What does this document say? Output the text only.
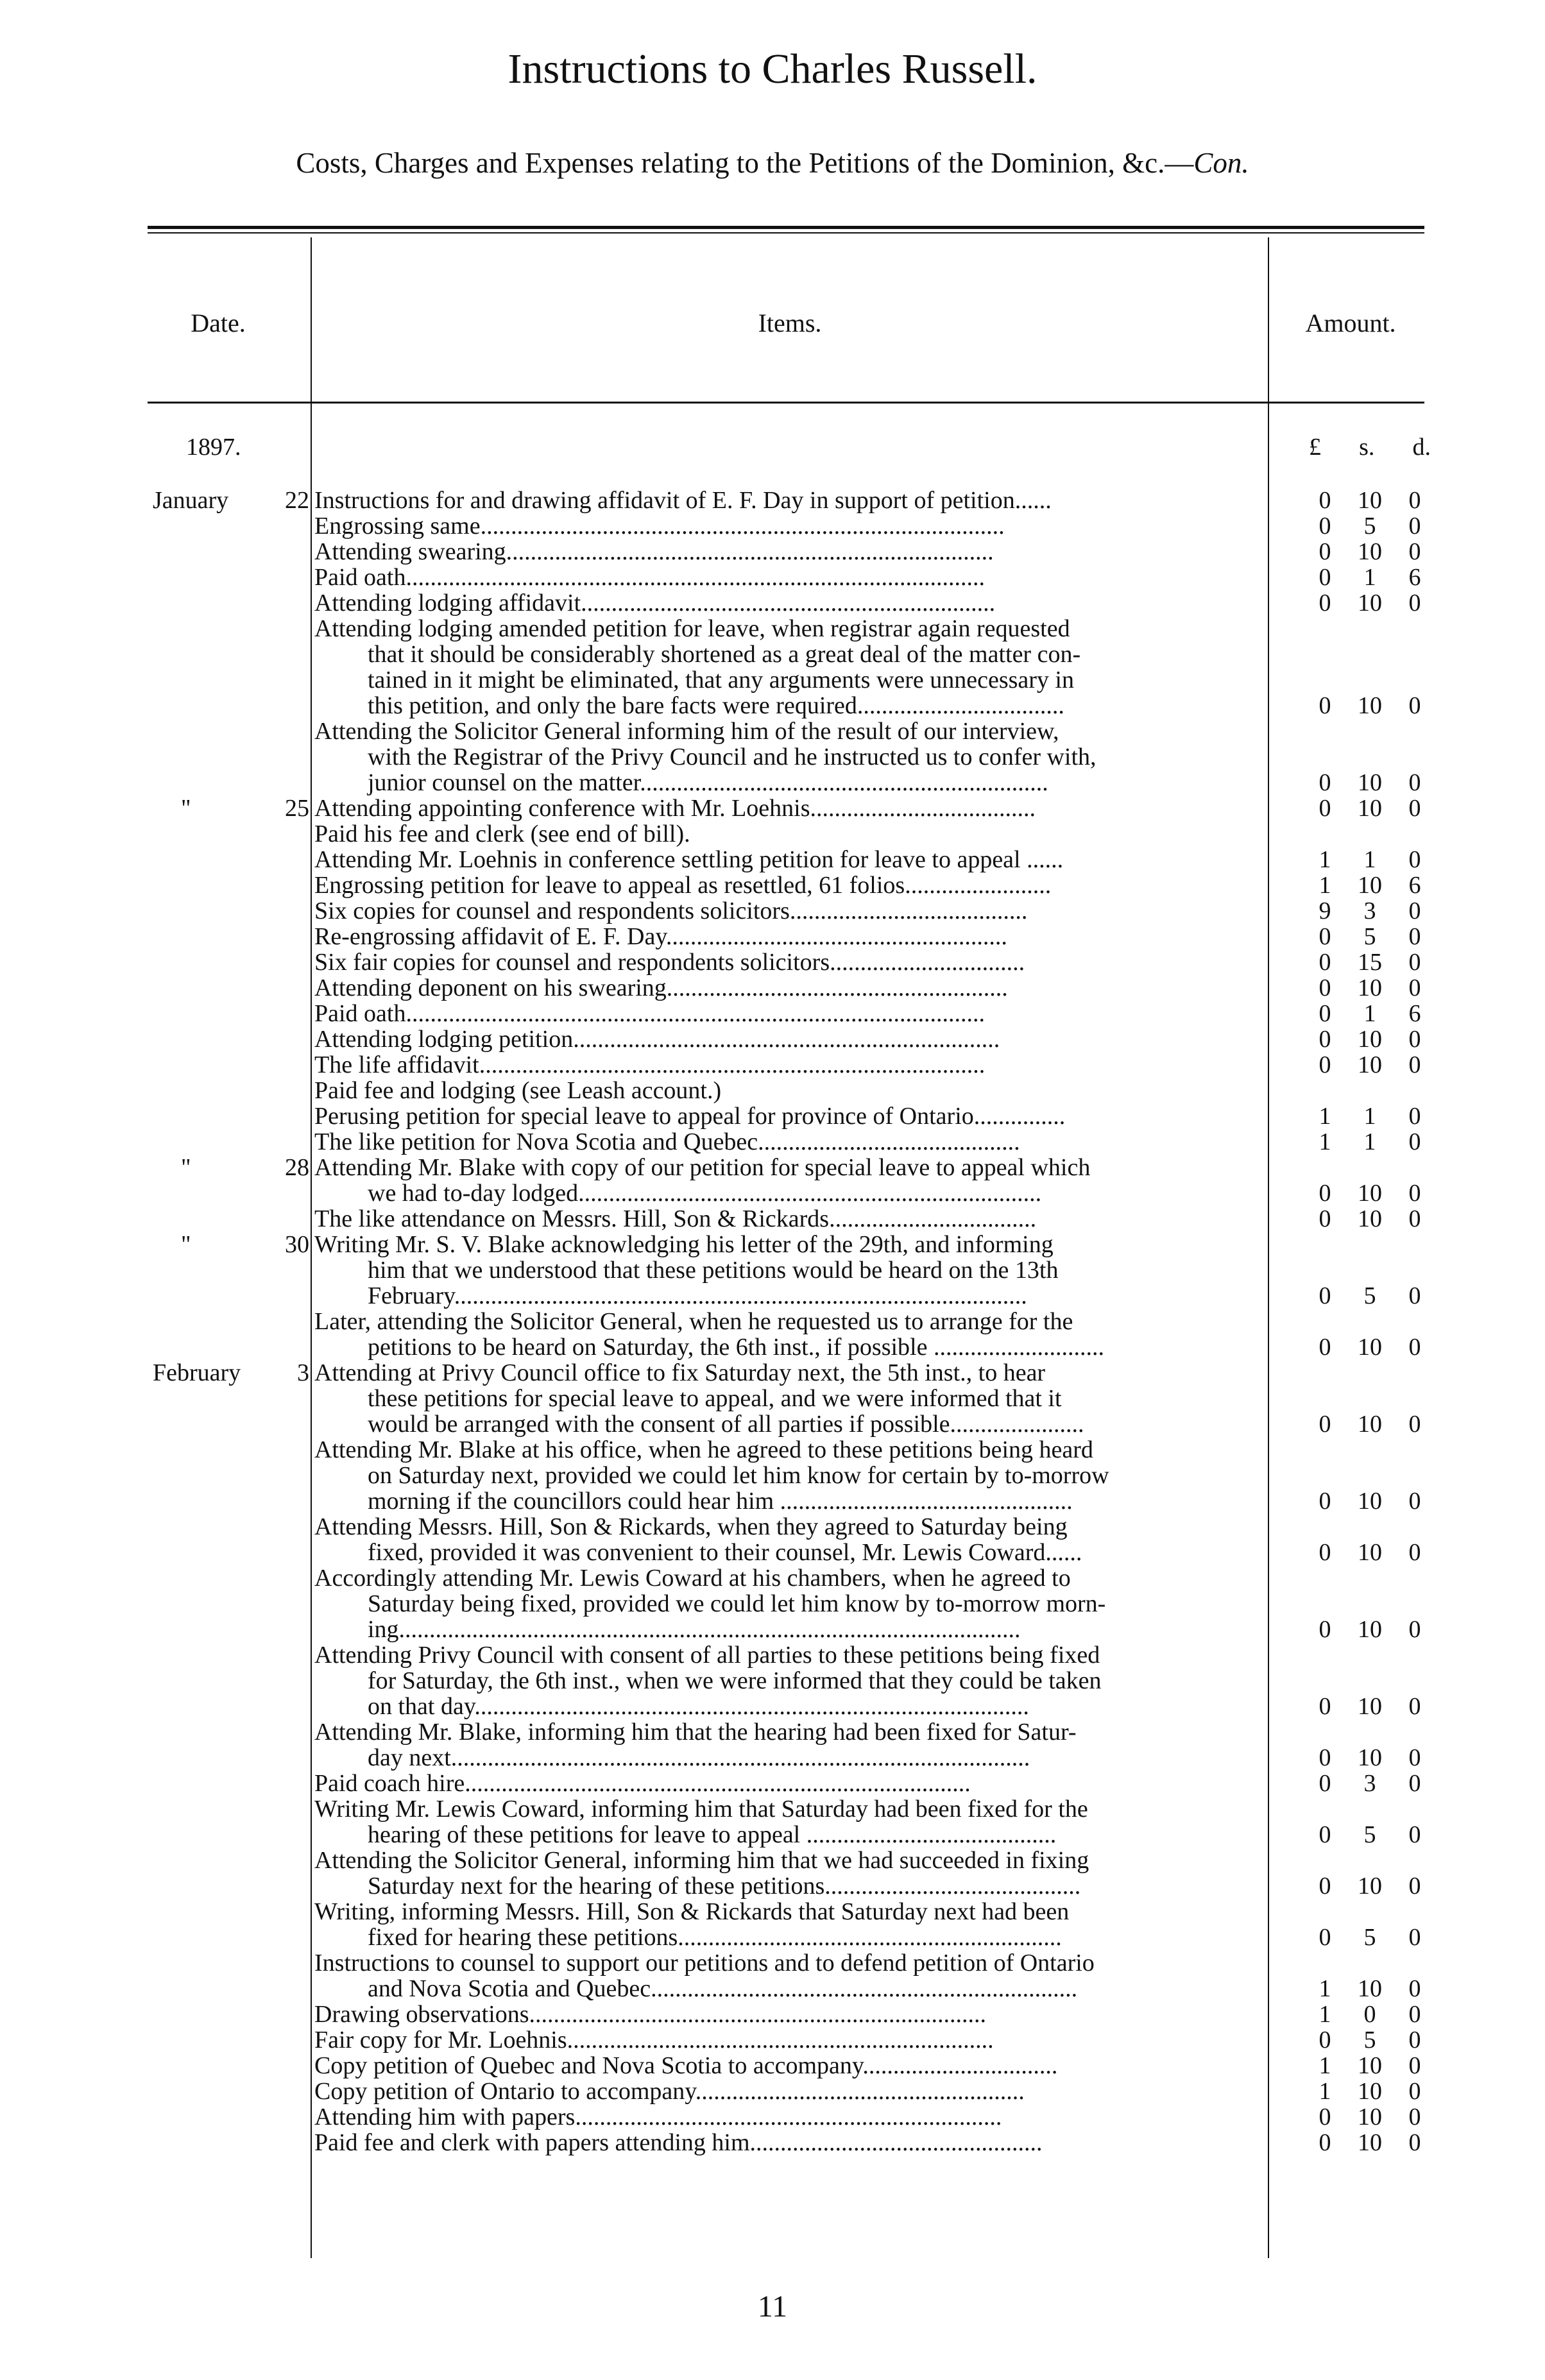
Instructions to Charles Russell.
Costs, Charges and Expenses relating to the Petitions of the Dominion, &c.—Con.
Date.	Items.	Amount.
1897.	£ s. d.
January	22 Instructions for and drawing affidavit of E. F. Day in support of petition......	0	10	0
Engrossing same......................................................................................	0	5	0
Attending swearing................................................................................	0	10	0
Paid oath...............................................................................................	0	1	6
Attending lodging affidavit....................................................................	0	10	0
Attending lodging amended petition for leave, when registrar again requested
that it should be considerably shortened as a great deal of the matter con-
tained in it might be eliminated, that any arguments were unnecessary in
this petition, and only the bare facts were required..................................	0	10	0
Attending the Solicitor General informing him of the result of our interview,
with the Registrar of the Privy Council and he instructed us to confer with,
junior counsel on the matter...................................................................	0	10	0
"	25 Attending appointing conference with Mr. Loehnis.....................................	0	10	0
Paid his fee and clerk (see end of bill).
Attending Mr. Loehnis in conference settling petition for leave to appeal ......	1	1	0
Engrossing petition for leave to appeal as resettled, 61 folios........................	1	10	6
Six copies for counsel and respondents solicitors.......................................	9	3	0
Re-engrossing affidavit of E. F. Day........................................................	0	5	0
Six fair copies for counsel and respondents solicitors................................	0	15	0
Attending deponent on his swearing........................................................	0	10	0
Paid oath...............................................................................................	0	1	6
Attending lodging petition......................................................................	0	10	0
The life affidavit...................................................................................	0	10	0
Paid fee and lodging (see Leash account.)
Perusing petition for special leave to appeal for province of Ontario...............	1	1	0
The like petition for Nova Scotia and Quebec...........................................	1	1	0
"	28 Attending Mr. Blake with copy of our petition for special leave to appeal which
we had to-day lodged............................................................................	0	10	0
The like attendance on Messrs. Hill, Son & Rickards..................................	0	10	0
"	30 Writing Mr. S. V. Blake acknowledging his letter of the 29th, and informing
him that we understood that these petitions would be heard on the 13th
February..............................................................................................	0	5	0
Later, attending the Solicitor General, when he requested us to arrange for the
petitions to be heard on Saturday, the 6th inst., if possible ............................	0	10	0
February	3 Attending at Privy Council office to fix Saturday next, the 5th inst., to hear
these petitions for special leave to appeal, and we were informed that it
would be arranged with the consent of all parties if possible......................	0	10	0
Attending Mr. Blake at his office, when he agreed to these petitions being heard
on Saturday next, provided we could let him know for certain by to-morrow
morning if the councillors could hear him ................................................	0	10	0
Attending Messrs. Hill, Son & Rickards, when they agreed to Saturday being
fixed, provided it was convenient to their counsel, Mr. Lewis Coward......	0	10	0
Accordingly attending Mr. Lewis Coward at his chambers, when he agreed to
Saturday being fixed, provided we could let him know by to-morrow morn-
ing......................................................................................................	0	10	0
Attending Privy Council with consent of all parties to these petitions being fixed
for Saturday, the 6th inst., when we were informed that they could be taken
on that day...........................................................................................	0	10	0
Attending Mr. Blake, informing him that the hearing had been fixed for Satur-
day next...............................................................................................	0	10	0
Paid coach hire...................................................................................	0	3	0
Writing Mr. Lewis Coward, informing him that Saturday had been fixed for the
hearing of these petitions for leave to appeal .........................................	0	5	0
Attending the Solicitor General, informing him that we had succeeded in fixing
Saturday next for the hearing of these petitions..........................................	0	10	0
Writing, informing Messrs. Hill, Son & Rickards that Saturday next had been
fixed for hearing these petitions...............................................................	0	5	0
Instructions to counsel to support our petitions and to defend petition of Ontario
and Nova Scotia and Quebec......................................................................	1	10	0
Drawing observations...........................................................................	1	0	0
Fair copy for Mr. Loehnis......................................................................	0	5	0
Copy petition of Quebec and Nova Scotia to accompany................................	1	10	0
Copy petition of Ontario to accompany......................................................	1	10	0
Attending him with papers......................................................................	0	10	0
Paid fee and clerk with papers attending him................................................	0	10	0
11
